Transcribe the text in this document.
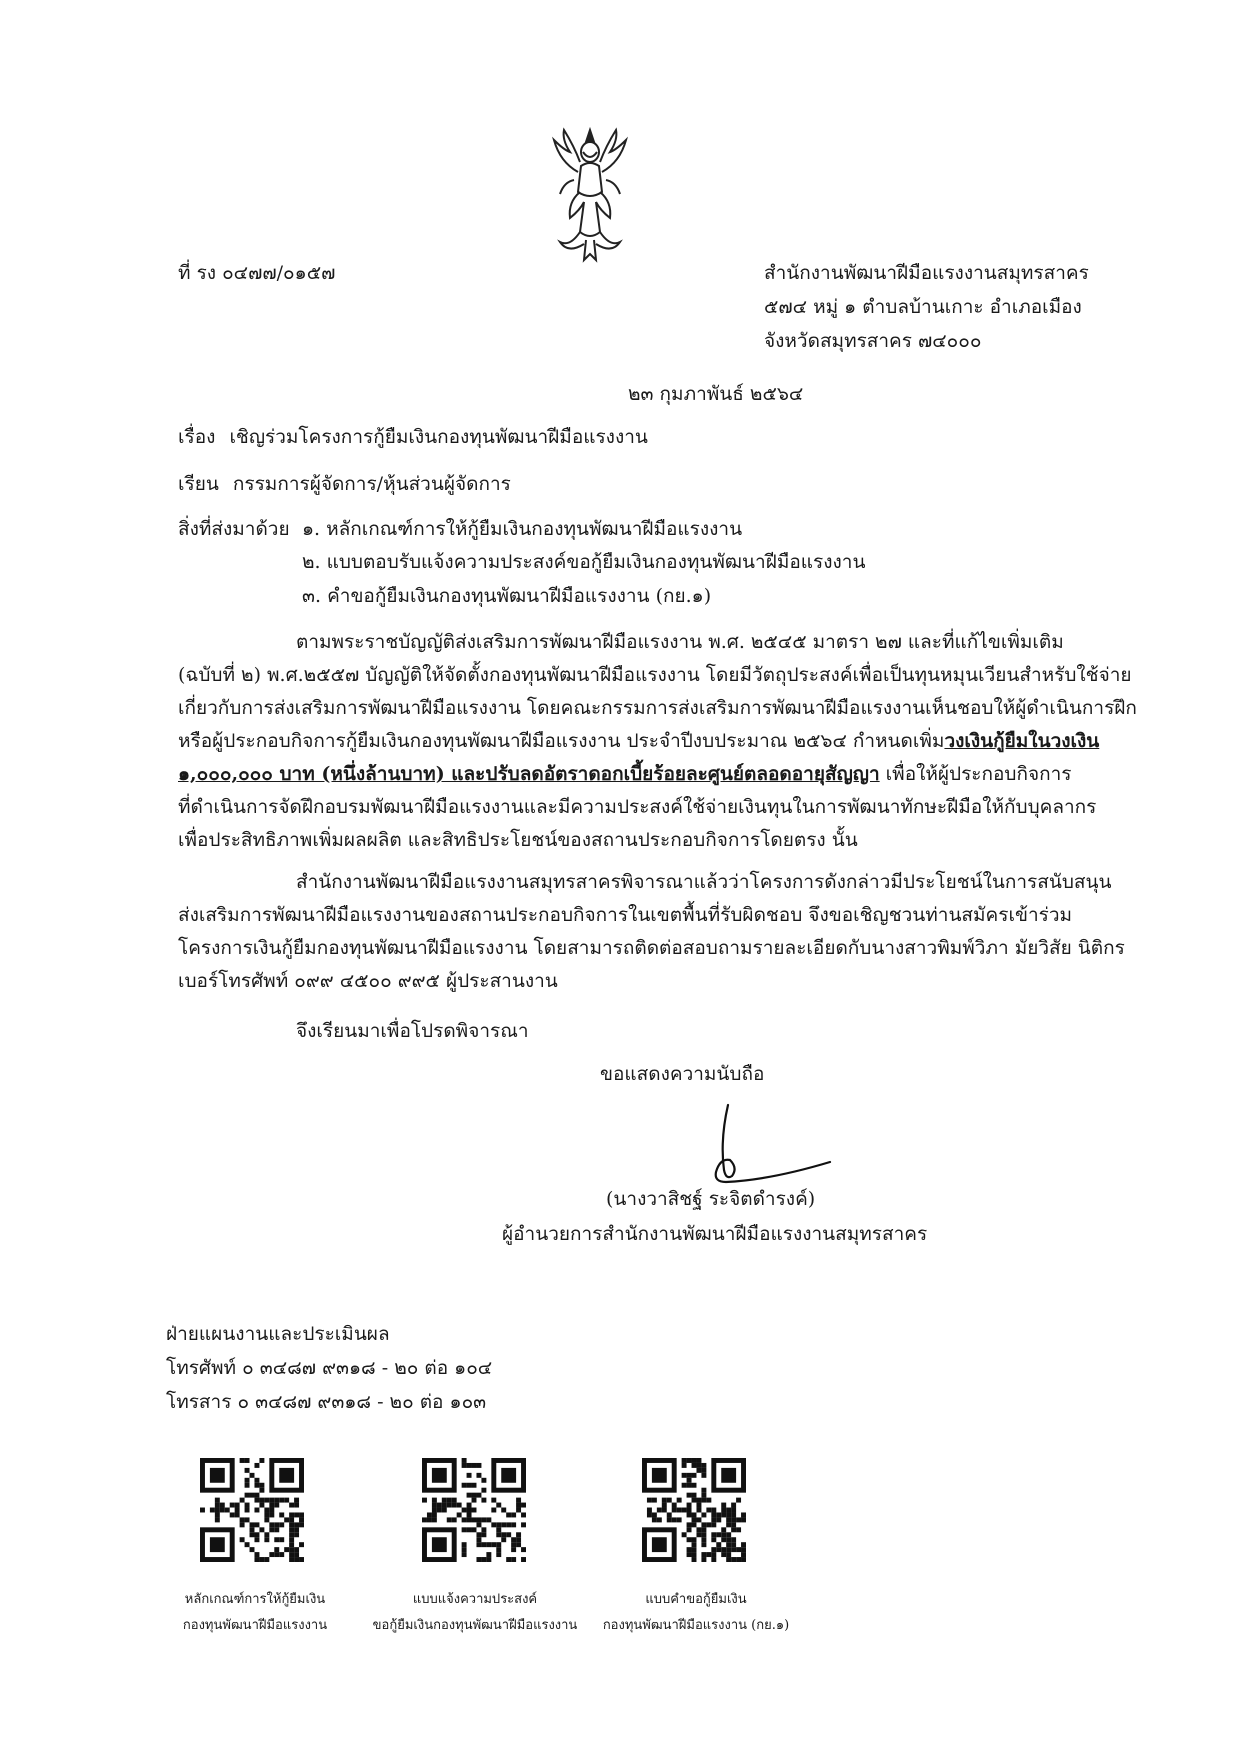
ที่ รง ๐๔๗๗/๐๑๕๗	สำนักงานพัฒนาฝีมือแรงงานสมุทรสาคร
๕๗๔ หมู่ ๑ ตำบลบ้านเกาะ อำเภอเมือง
จังหวัดสมุทรสาคร ๗๔๐๐๐
๒๓ กุมภาพันธ์ ๒๕๖๔
เรื่อง เชิญร่วมโครงการกู้ยืมเงินกองทุนพัฒนาฝีมือแรงงาน
เรียน กรรมการผู้จัดการ/หุ้นส่วนผู้จัดการ
สิ่งที่ส่งมาด้วย ๑. หลักเกณฑ์การให้กู้ยืมเงินกองทุนพัฒนาฝีมือแรงงาน
๒. แบบตอบรับแจ้งความประสงค์ขอกู้ยืมเงินกองทุนพัฒนาฝีมือแรงงาน
๓. คำขอกู้ยืมเงินกองทุนพัฒนาฝีมือแรงงาน (กย.๑)

ตามพระราชบัญญัติส่งเสริมการพัฒนาฝีมือแรงงาน พ.ศ. ๒๕๔๕ มาตรา ๒๗ และที่แก้ไขเพิ่มเติม

(ฉบับที่ ๒) พ.ศ.๒๕๕๗ บัญญัติให้จัดตั้งกองทุนพัฒนาฝีมือแรงงาน โดยมีวัตถุประสงค์เพื่อเป็นทุนหมุนเวียนสำหรับใช้จ่าย

เกี่ยวกับการส่งเสริมการพัฒนาฝีมือแรงงาน โดยคณะกรรมการส่งเสริมการพัฒนาฝีมือแรงงานเห็นชอบให้ผู้ดำเนินการฝึก

หรือผู้ประกอบกิจการกู้ยืมเงินกองทุนพัฒนาฝีมือแรงงาน ประจำปีงบประมาณ ๒๕๖๔ กำหนดเพิ่มวงเงินกู้ยืมในวงเงิน

๑,๐๐๐,๐๐๐ บาท (หนึ่งล้านบาท) และปรับลดอัตราดอกเบี้ยร้อยละศูนย์ตลอดอายุสัญญา เพื่อให้ผู้ประกอบกิจการ

ที่ดำเนินการจัดฝึกอบรมพัฒนาฝีมือแรงงานและมีความประสงค์ใช้จ่ายเงินทุนในการพัฒนาทักษะฝีมือให้กับบุคลากร

เพื่อประสิทธิภาพเพิ่มผลผลิต และสิทธิประโยชน์ของสถานประกอบกิจการโดยตรง นั้น

สำนักงานพัฒนาฝีมือแรงงานสมุทรสาครพิจารณาแล้วว่าโครงการดังกล่าวมีประโยชน์ในการสนับสนุน

ส่งเสริมการพัฒนาฝีมือแรงงานของสถานประกอบกิจการในเขตพื้นที่รับผิดชอบ จึงขอเชิญชวนท่านสมัครเข้าร่วม

โครงการเงินกู้ยืมกองทุนพัฒนาฝีมือแรงงาน โดยสามารถติดต่อสอบถามรายละเอียดกับนางสาวพิมพ์วิภา มัยวิสัย นิติกร

เบอร์โทรศัพท์ ๐๙๙ ๔๕๐๐ ๙๙๕ ผู้ประสานงาน

จึงเรียนมาเพื่อโปรดพิจารณา
ขอแสดงความนับถือ
(นางวาสิชฐ์ ระจิตดำรงค์)
ผู้อำนวยการสำนักงานพัฒนาฝีมือแรงงานสมุทรสาคร
ฝ่ายแผนงานและประเมินผล
โทรศัพท์ ๐ ๓๔๘๗ ๙๓๑๘ - ๒๐ ต่อ ๑๐๔
โทรสาร ๐ ๓๔๘๗ ๙๓๑๘ - ๒๐ ต่อ ๑๐๓
หลักเกณฑ์การให้กู้ยืมเงิน
กองทุนพัฒนาฝีมือแรงงาน
แบบแจ้งความประสงค์
ขอกู้ยืมเงินกองทุนพัฒนาฝีมือแรงงาน
แบบคำขอกู้ยืมเงิน
กองทุนพัฒนาฝีมือแรงงาน (กย.๑)
